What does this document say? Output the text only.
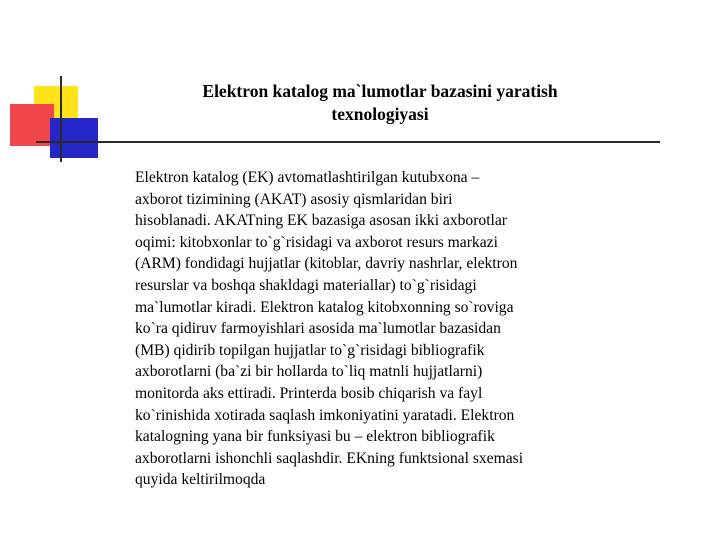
Elektron katalog ma`lumotlar bazasini yaratish
texnologiyasi
Elektron katalog (EK) avtomatlashtirilgan kutubxona –
axborot tizimining (AKAT) asosiy qismlaridan biri
hisoblanadi. AKATning EK bazasiga asosan ikki axborotlar
oqimi: kitobxonlar to`g`risidagi va axborot resurs markazi
(ARM) fondidagi hujjatlar (kitoblar, davriy nashrlar, elektron
resurslar va boshqa shakldagi materiallar) to`g`risidagi
ma`lumotlar kiradi. Elektron katalog kitobxonning so`roviga
ko`ra qidiruv farmoyishlari asosida ma`lumotlar bazasidan
(MB) qidirib topilgan hujjatlar to`g`risidagi bibliografik
axborotlarni (ba`zi bir hollarda to`liq matnli hujjatlarni)
monitorda aks ettiradi. Printerda bosib chiqarish va fayl
ko`rinishida xotirada saqlash imkoniyatini yaratadi. Elektron
katalogning yana bir funksiyasi bu – elektron bibliografik
axborotlarni ishonchli saqlashdir. EKning funktsional sxemasi
quyida keltirilmoqda
